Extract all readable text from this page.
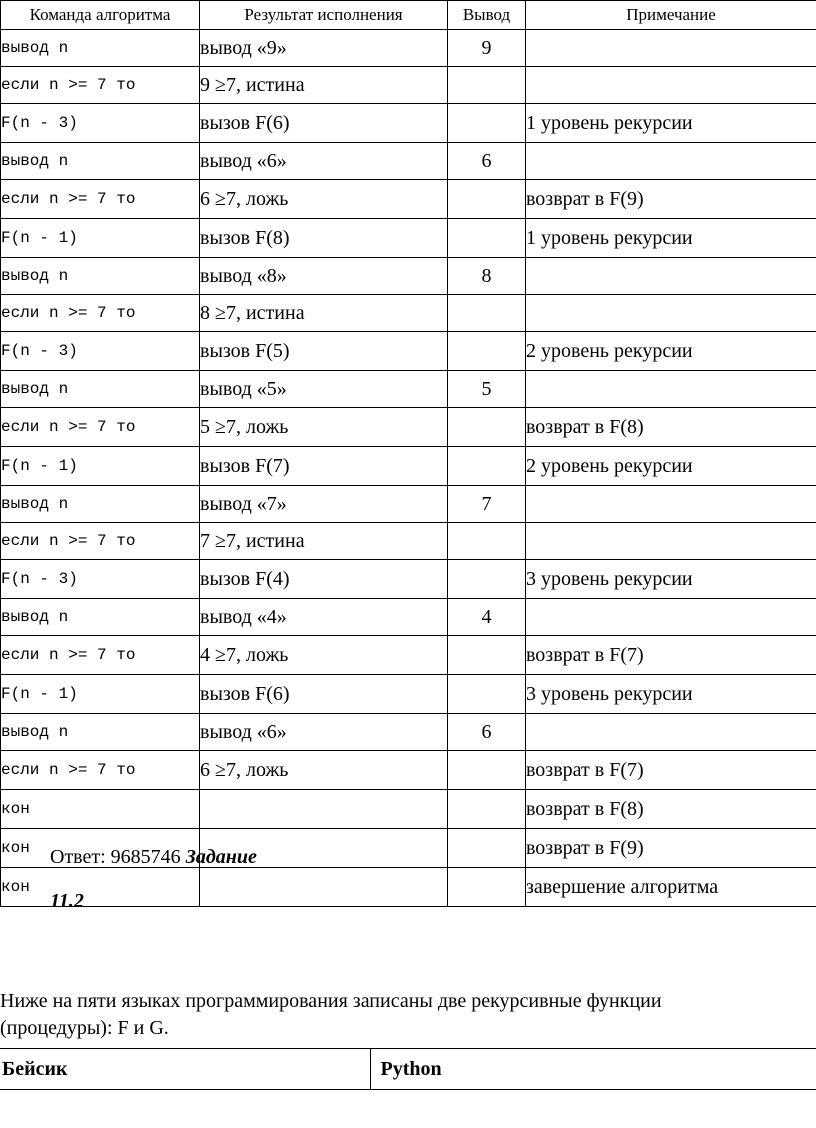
Команда алгоритма	Результат исполнения	Вывод	Примечание
вывод n	вывод «9»	9	
если n >= 7 то	9 ≥7, истина		
F(n - 3)	вызов F(6)		1 уровень рекурсии
вывод n	вывод «6»	6	
если n >= 7 то	6 ≥7, ложь		возврат в F(9)
F(n - 1)	вызов F(8)		1 уровень рекурсии
вывод n	вывод «8»	8	
если n >= 7 то	8 ≥7, истина		
F(n - 3)	вызов F(5)		2 уровень рекурсии
вывод n	вывод «5»	5	
если n >= 7 то	5 ≥7, ложь		возврат в F(8)
F(n - 1)	вызов F(7)		2 уровень рекурсии
вывод n	вывод «7»	7	
если n >= 7 то	7 ≥7, истина		
F(n - 3)	вызов F(4)		3 уровень рекурсии
вывод n	вывод «4»	4	
если n >= 7 то	4 ≥7, ложь		возврат в F(7)
F(n - 1)	вызов F(6)		3 уровень рекурсии
вывод n	вывод «6»	6	
если n >= 7 то	6 ≥7, ложь		возврат в F(7)
кон			возврат в F(8)
кон			возврат в F(9)
кон			завершение алгоритма
Ответ: 9685746 Задание
11.2
Ниже на пяти языках программирования записаны две рекурсивные функции
(процедуры): F и G.
Бейсик	Python
